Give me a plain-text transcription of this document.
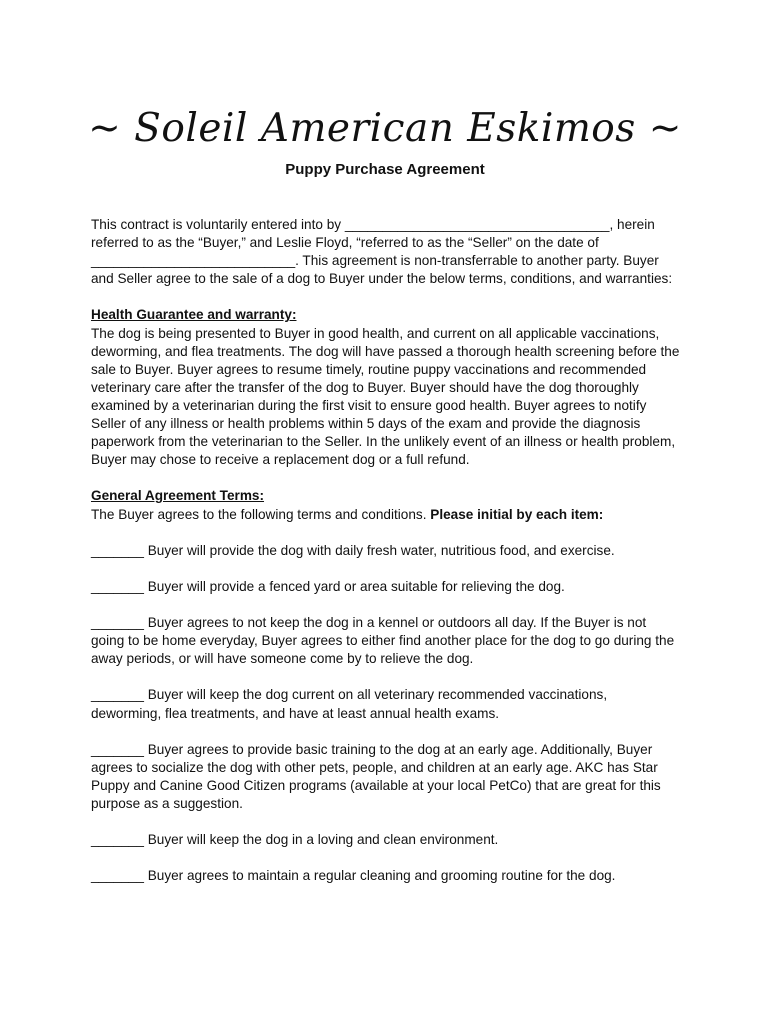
~ Soleil American Eskimos ~
Puppy Purchase Agreement

This contract is voluntarily entered into by ___________________________________, herein referred to as the “Buyer,” and Leslie Floyd, “referred to as the “Seller” on the date of ___________________________. This agreement is non-transferrable to another party. Buyer and Seller agree to the sale of a dog to Buyer under the below terms, conditions, and warranties:

Health Guarantee and warranty:

The dog is being presented to Buyer in good health, and current on all applicable vaccinations, deworming, and flea treatments. The dog will have passed a thorough health screening before the sale to Buyer. Buyer agrees to resume timely, routine puppy vaccinations and recommended veterinary care after the transfer of the dog to Buyer. Buyer should have the dog thoroughly examined by a veterinarian during the first visit to ensure good health. Buyer agrees to notify Seller of any illness or health problems within 5 days of the exam and provide the diagnosis paperwork from the veterinarian to the Seller. In the unlikely event of an illness or health problem, Buyer may chose to receive a replacement dog or a full refund.

General Agreement Terms:

The Buyer agrees to the following terms and conditions. Please initial by each item:

_______ Buyer will provide the dog with daily fresh water, nutritious food, and exercise.

_______ Buyer will provide a fenced yard or area suitable for relieving the dog.

_______ Buyer agrees to not keep the dog in a kennel or outdoors all day. If the Buyer is not going to be home everyday, Buyer agrees to either find another place for the dog to go during the away periods, or will have someone come by to relieve the dog.

_______ Buyer will keep the dog current on all veterinary recommended vaccinations, deworming, flea treatments, and have at least annual health exams.

_______ Buyer agrees to provide basic training to the dog at an early age. Additionally, Buyer agrees to socialize the dog with other pets, people, and children at an early age. AKC has Star Puppy and Canine Good Citizen programs (available at your local PetCo) that are great for this purpose as a suggestion.

_______ Buyer will keep the dog in a loving and clean environment.

_______ Buyer agrees to maintain a regular cleaning and grooming routine for the dog.
